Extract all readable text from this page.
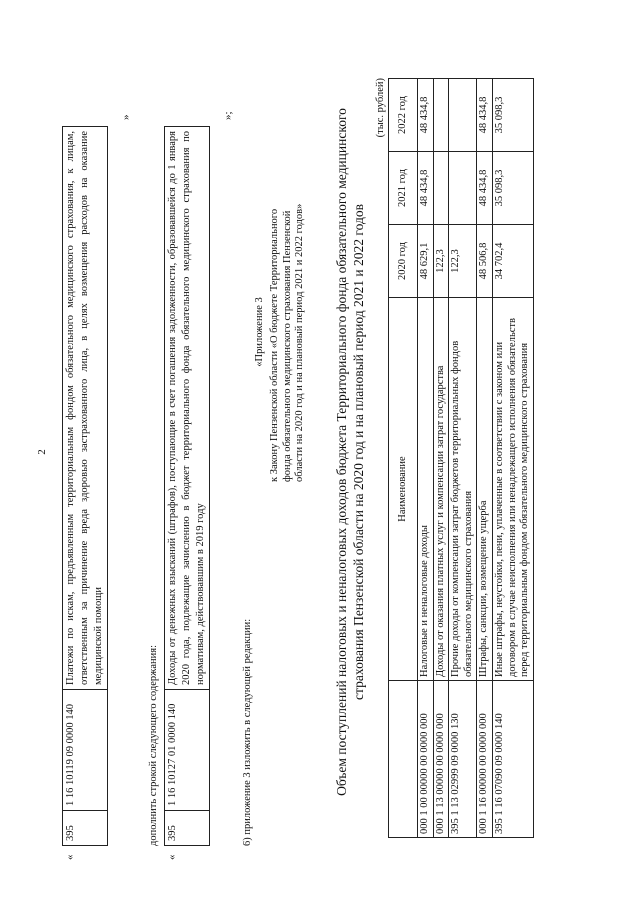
2
«
395	1 16 10119 09 0000 140	Платежи по искам, предъявленным территориальным фондом обязательного медицинского страхования, к лицам, ответственным за причинение вреда здоровью застрахованного лица, в целях возмещения расходов на оказание медицинской помощи
»
дополнить строкой следующего содержания:
«
395	1 16 10127 01 0000 140	Доходы от денежных взысканий (штрафов), поступающие в счет погашения задолженности, образовавшейся до 1 января 2020 года, подлежащие зачислению в бюджет территориального фонда обязательного медицинского страхования по нормативам, действовавшим в 2019 году
»;
6) приложение 3 изложить в следующей редакции:
«Приложение 3 к Закону Пензенской области «О бюджете Территориального фонда обязательного медицинского страхования Пензенской области на 2020 год и на плановый период 2021 и 2022 годов» Объем поступлений налоговых и неналоговых доходов бюджета Территориального фонда обязательного медицинского страхования Пензенской области на 2020 год и на плановый период 2021 и 2022 годов
(тыс. рублей)
	Наименование	2020 год	2021 год	2022 год
000 1 00 00000 00 0000 000	Налоговые и неналоговые доходы	48 629,1	48 434,8	48 434,8
000 1 13 00000 00 0000 000	Доходы от оказания платных услуг и компенсации затрат государства	122,3		
395 1 13 02999 09 0000 130	Прочие доходы от компенсации затрат бюджетов территориальных фондов обязательного медицинского страхования	122,3		
000 1 16 00000 00 0000 000	Штрафы, санкции, возмещение ущерба	48 506,8	48 434,8	48 434,8
395 1 16 07090 09 0000 140	Иные штрафы, неустойки, пени, уплаченные в соответствии с законом или договором в случае неисполнения или ненадлежащего исполнения обязательств перед территориальным фондом обязательного медицинского страхования	34 702,4	35 098,3	35 098,3
